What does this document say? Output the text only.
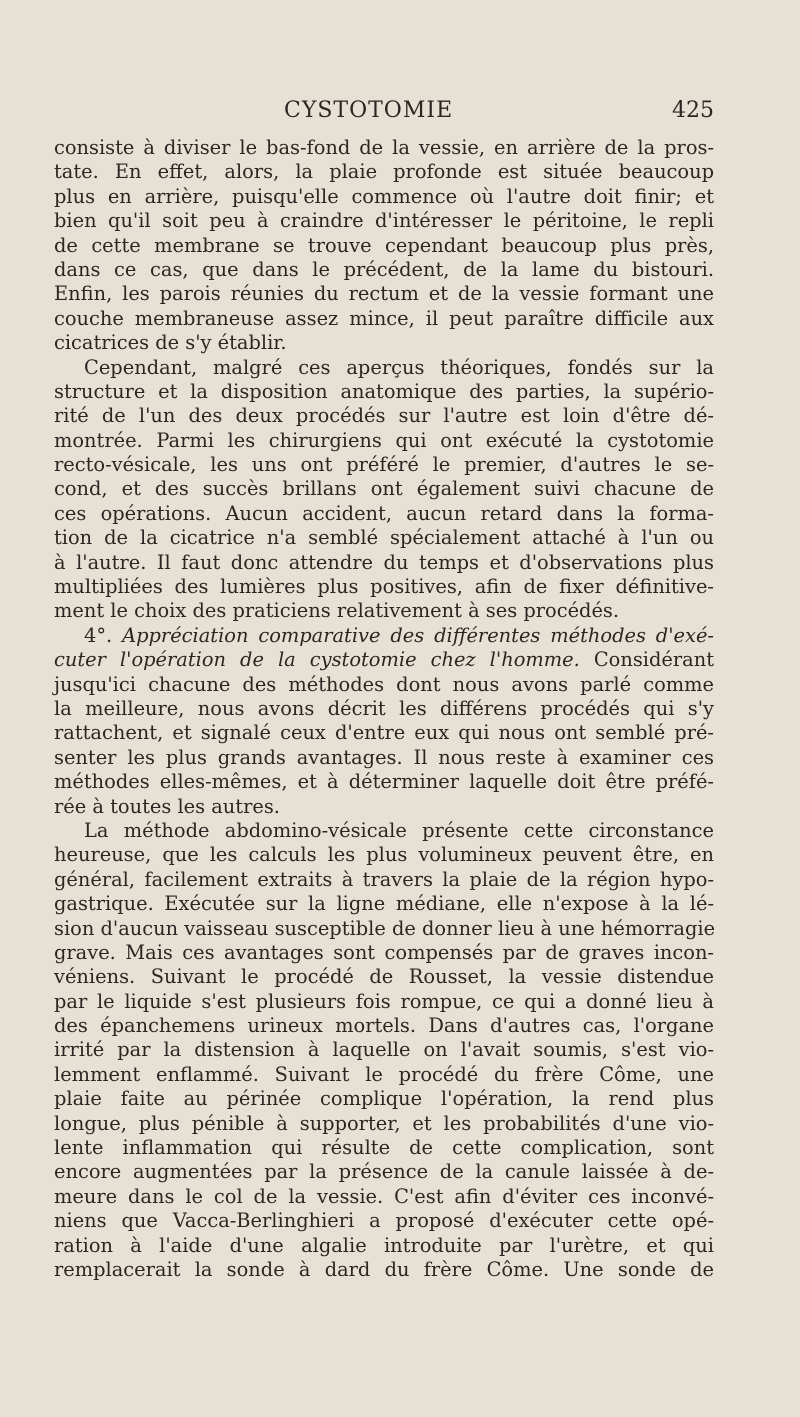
CYSTOTOMIE	425
consiste à diviser le bas-fond de la vessie, en arrière de la pros-
tate. En effet, alors, la plaie profonde est située beaucoup
plus en arrière, puisqu'elle commence où l'autre doit finir; et
bien qu'il soit peu à craindre d'intéresser le péritoine, le repli
de cette membrane se trouve cependant beaucoup plus près,
dans ce cas, que dans le précédent, de la lame du bistouri.
Enfin, les parois réunies du rectum et de la vessie formant une
couche membraneuse assez mince, il peut paraître difficile aux
cicatrices de s'y établir.
Cependant, malgré ces aperçus théoriques, fondés sur la
structure et la disposition anatomique des parties, la supério-
rité de l'un des deux procédés sur l'autre est loin d'être dé-
montrée. Parmi les chirurgiens qui ont exécuté la cystotomie
recto-vésicale, les uns ont préféré le premier, d'autres le se-
cond, et des succès brillans ont également suivi chacune de
ces opérations. Aucun accident, aucun retard dans la forma-
tion de la cicatrice n'a semblé spécialement attaché à l'un ou
à l'autre. Il faut donc attendre du temps et d'observations plus
multipliées des lumières plus positives, afin de fixer définitive-
ment le choix des praticiens relativement à ses procédés.
4°. Appréciation comparative des différentes méthodes d'exé-
cuter l'opération de la cystotomie chez l'homme. Considérant
jusqu'ici chacune des méthodes dont nous avons parlé comme
la meilleure, nous avons décrit les différens procédés qui s'y
rattachent, et signalé ceux d'entre eux qui nous ont semblé pré-
senter les plus grands avantages. Il nous reste à examiner ces
méthodes elles-mêmes, et à déterminer laquelle doit être préfé-
rée à toutes les autres.
La méthode abdomino-vésicale présente cette circonstance
heureuse, que les calculs les plus volumineux peuvent être, en
général, facilement extraits à travers la plaie de la région hypo-
gastrique. Exécutée sur la ligne médiane, elle n'expose à la lé-
sion d'aucun vaisseau susceptible de donner lieu à une hémorragie
grave. Mais ces avantages sont compensés par de graves incon-
véniens. Suivant le procédé de Rousset, la vessie distendue
par le liquide s'est plusieurs fois rompue, ce qui a donné lieu à
des épanchemens urineux mortels. Dans d'autres cas, l'organe
irrité par la distension à laquelle on l'avait soumis, s'est vio-
lemment enflammé. Suivant le procédé du frère Côme, une
plaie faite au périnée complique l'opération, la rend plus
longue, plus pénible à supporter, et les probabilités d'une vio-
lente inflammation qui résulte de cette complication, sont
encore augmentées par la présence de la canule laissée à de-
meure dans le col de la vessie. C'est afin d'éviter ces inconvé-
niens que Vacca-Berlinghieri a proposé d'exécuter cette opé-
ration à l'aide d'une algalie introduite par l'urètre, et qui
remplacerait la sonde à dard du frère Côme. Une sonde de
